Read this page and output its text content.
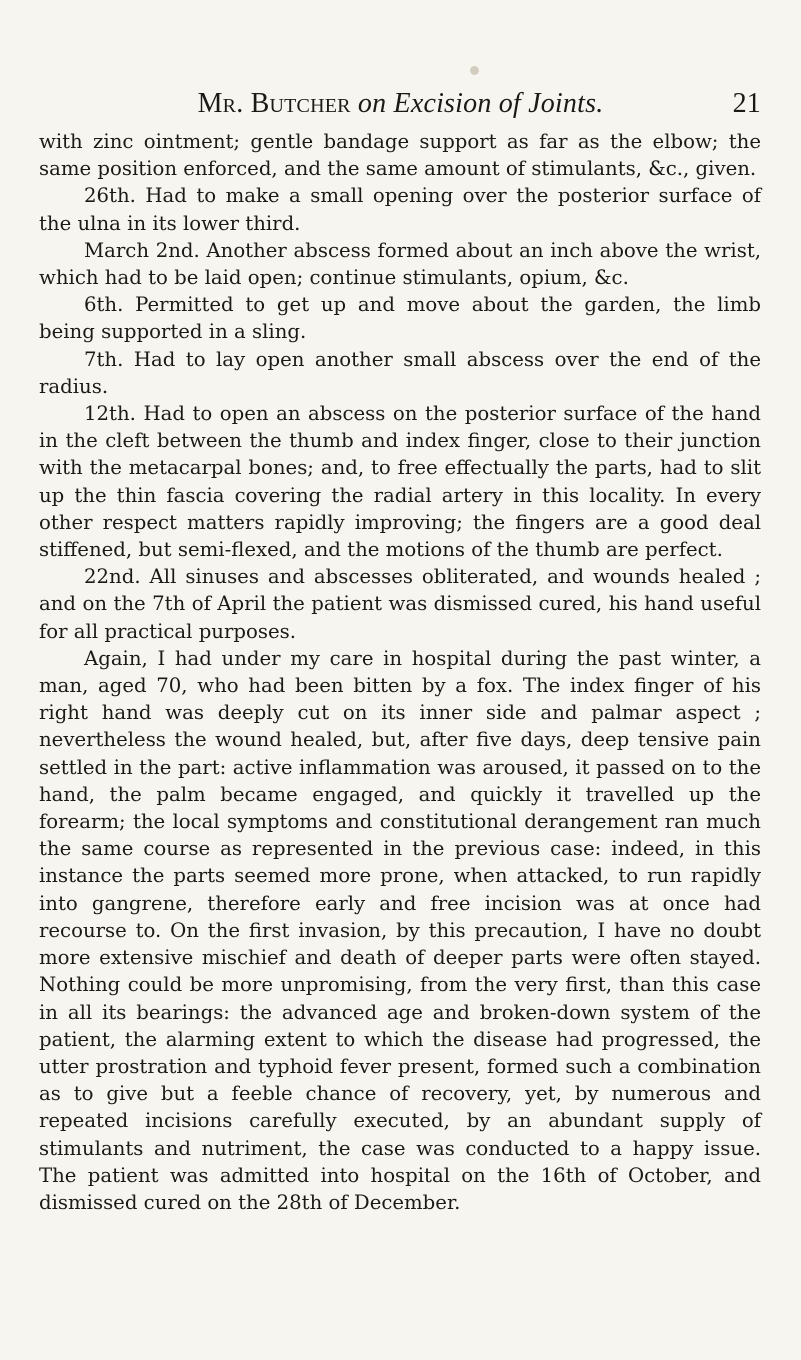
Mr. Butcher on Excision of Joints.	21

with zinc ointment; gentle bandage support as far as the elbow; the same position enforced, and the same amount of stimulants, &c., given.

26th. Had to make a small opening over the posterior surface of the ulna in its lower third.

March 2nd. Another abscess formed about an inch above the wrist, which had to be laid open; continue stimulants, opium, &c.

6th. Permitted to get up and move about the garden, the limb being supported in a sling.

7th. Had to lay open another small abscess over the end of the radius.

12th. Had to open an abscess on the posterior surface of the hand in the cleft between the thumb and index finger, close to their junction with the metacarpal bones; and, to free effectually the parts, had to slit up the thin fascia covering the radial artery in this locality. In every other respect matters rapidly improving; the fingers are a good deal stiffened, but semi-flexed, and the motions of the thumb are perfect.

22nd. All sinuses and abscesses obliterated, and wounds healed ; and on the 7th of April the patient was dismissed cured, his hand useful for all practical purposes.

Again, I had under my care in hospital during the past winter, a man, aged 70, who had been bitten by a fox. The index finger of his right hand was deeply cut on its inner side and palmar aspect ; nevertheless the wound healed, but, after five days, deep tensive pain settled in the part: active inflammation was aroused, it passed on to the hand, the palm became engaged, and quickly it travelled up the forearm; the local symptoms and constitutional derangement ran much the same course as represented in the previous case: indeed, in this instance the parts seemed more prone, when attacked, to run rapidly into gangrene, therefore early and free incision was at once had recourse to. On the first invasion, by this precaution, I have no doubt more extensive mischief and death of deeper parts were often stayed. Nothing could be more unpromising, from the very first, than this case in all its bearings: the advanced age and broken-down system of the patient, the alarming extent to which the disease had progressed, the utter prostration and typhoid fever present, formed such a combination as to give but a feeble chance of recovery, yet, by numerous and repeated incisions carefully executed, by an abundant supply of stimulants and nutriment, the case was conducted to a happy issue. The patient was admitted into hospital on the 16th of October, and dismissed cured on the 28th of December.
